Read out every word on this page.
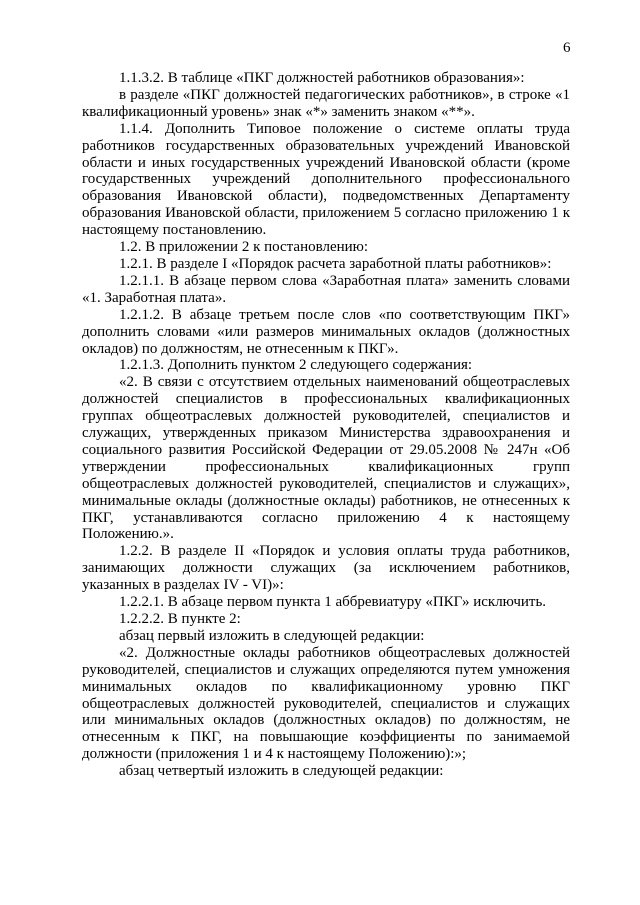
6

1.1.3.2. В таблице «ПКГ должностей работников образования»:

в разделе «ПКГ должностей педагогических работников», в строке «1 квалификационный уровень» знак «*» заменить знаком «**».

1.1.4. Дополнить Типовое положение о системе оплаты труда работников государственных образовательных учреждений Ивановской области и иных государственных учреждений Ивановской области (кроме государственных учреждений дополнительного профессионального образования Ивановской области), подведомственных Департаменту образования Ивановской области, приложением 5 согласно приложению 1 к настоящему постановлению.

1.2. В приложении 2 к постановлению:

1.2.1. В разделе I «Порядок расчета заработной платы работников»:

1.2.1.1. В абзаце первом слова «Заработная плата» заменить словами «1. Заработная плата».

1.2.1.2. В абзаце третьем после слов «по соответствующим ПКГ» дополнить словами «или размеров минимальных окладов (должностных окладов) по должностям, не отнесенным к ПКГ».

1.2.1.3. Дополнить пунктом 2 следующего содержания:

«2. В связи с отсутствием отдельных наименований общеотраслевых должностей специалистов в профессиональных квалификационных группах общеотраслевых должностей руководителей, специалистов и служащих, утвержденных приказом Министерства здравоохранения и социального развития Российской Федерации от 29.05.2008 № 247н «Об утверждении профессиональных квалификационных групп общеотраслевых должностей руководителей, специалистов и служащих», минимальные оклады (должностные оклады) работников, не отнесенных к ПКГ, устанавливаются согласно приложению 4 к настоящему Положению.».

1.2.2. В разделе II «Порядок и условия оплаты труда работников, занимающих должности служащих (за исключением работников, указанных в разделах IV - VI)»:

1.2.2.1. В абзаце первом пункта 1 аббревиатуру «ПКГ» исключить.

1.2.2.2. В пункте 2:

абзац первый изложить в следующей редакции:

«2. Должностные оклады работников общеотраслевых должностей руководителей, специалистов и служащих определяются путем умножения минимальных окладов по квалификационному уровню ПКГ общеотраслевых должностей руководителей, специалистов и служащих или минимальных окладов (должностных окладов) по должностям, не отнесенным к ПКГ, на повышающие коэффициенты по занимаемой должности (приложения 1 и 4 к настоящему Положению):»;

абзац четвертый изложить в следующей редакции:
